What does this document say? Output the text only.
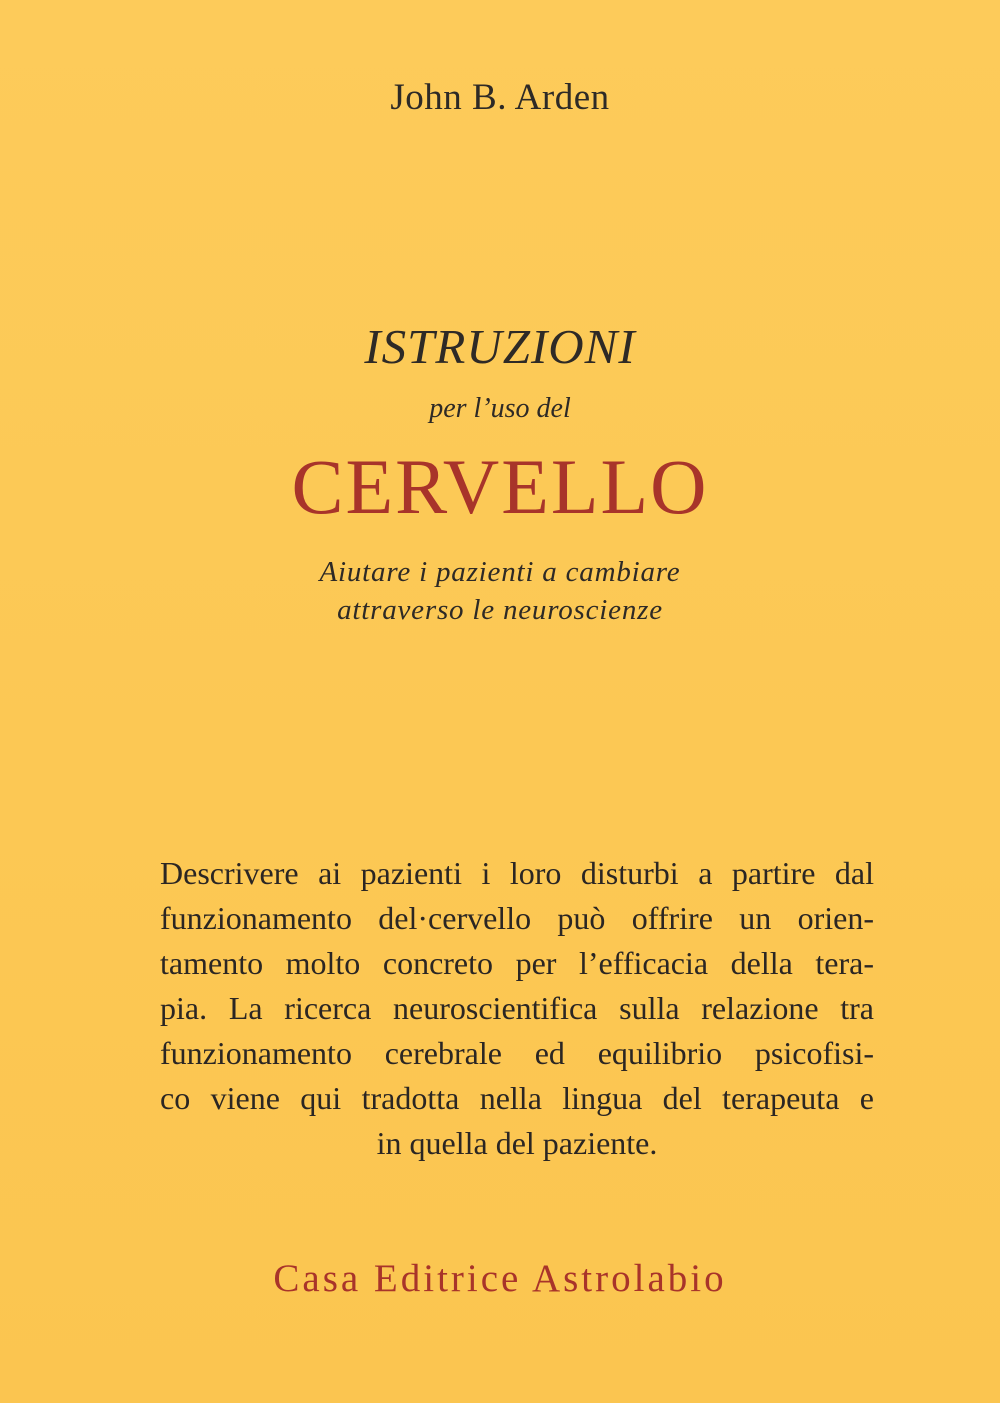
John B. Arden
ISTRUZIONI
per l’uso del
CERVELLO
Aiutare i pazienti a cambiare
attraverso le neuroscienze
Descrivere ai pazienti i loro disturbi a partire dal
funzionamento del·cervello può offrire un orien-
tamento molto concreto per l’efficacia della tera-
pia. La ricerca neuroscientifica sulla relazione tra
funzionamento cerebrale ed equilibrio psicofisi-
co viene qui tradotta nella lingua del terapeuta e
in quella del paziente.
Casa Editrice Astrolabio
